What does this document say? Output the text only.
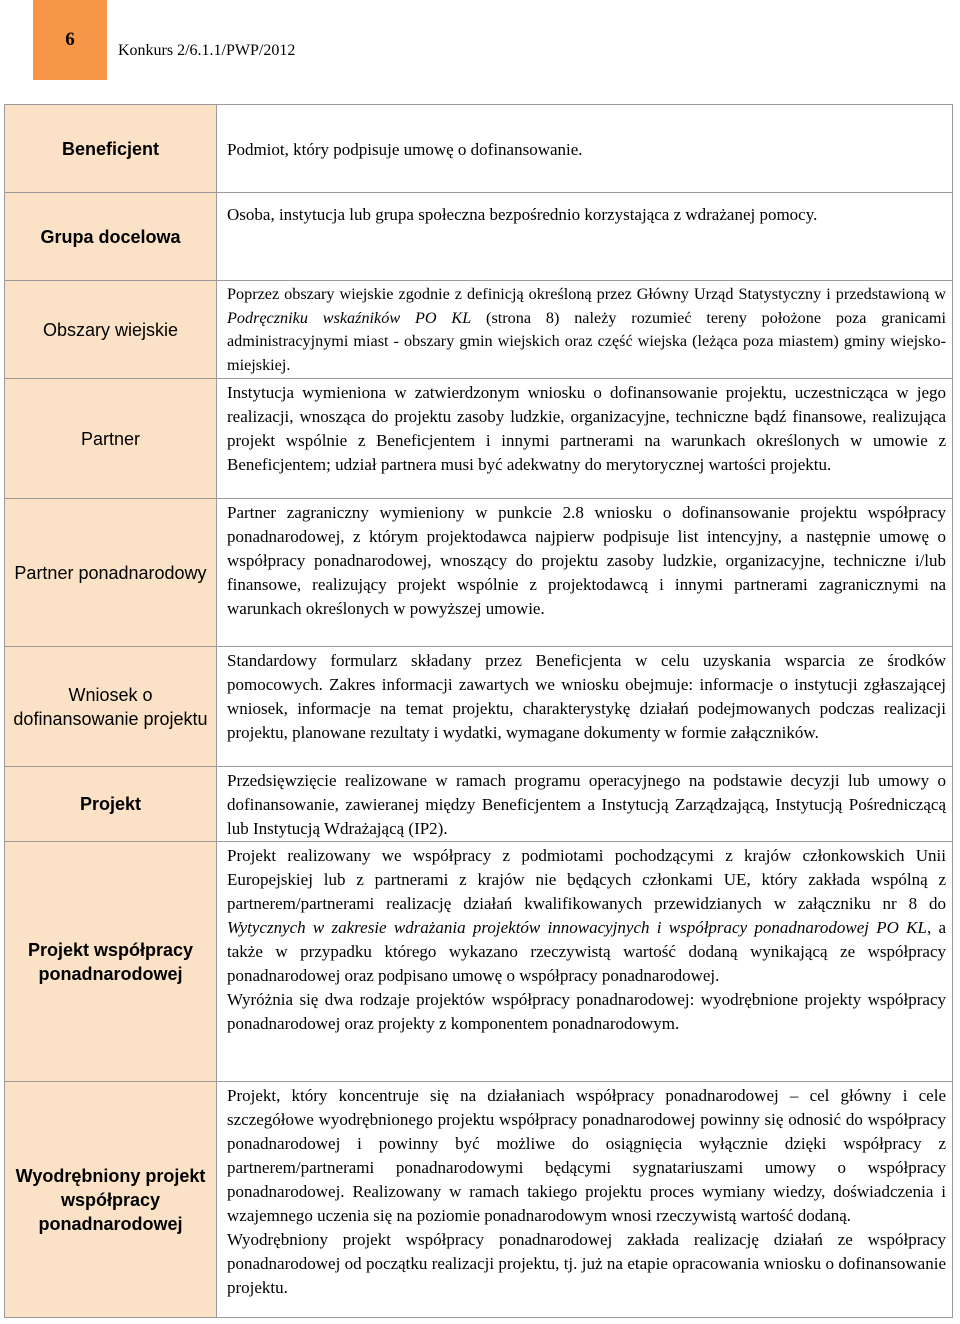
6
Konkurs 2/6.1.1/PWP/2012
Beneficjent	Podmiot, który podpisuje umowę o dofinansowanie.

Grupa docelowa	Osoba, instytucja lub grupa społeczna bezpośrednio korzystająca z wdrażanej pomocy.

Obszary wiejskie	Poprzez obszary wiejskie zgodnie z definicją określoną przez Główny Urząd Statystyczny i przedstawioną w Podręczniku wskaźników PO KL (strona 8) należy rozumieć tereny położone poza granicami administracyjnymi miast - obszary gmin wiejskich oraz część wiejska (leżąca poza miastem) gminy wiejsko-miejskiej.

Partner	Instytucja wymieniona w zatwierdzonym wniosku o dofinansowanie projektu, uczestnicząca w jego realizacji, wnosząca do projektu zasoby ludzkie, organizacyjne, techniczne bądź finansowe, realizująca projekt wspólnie z Beneficjentem i innymi partnerami na warunkach określonych w umowie z Beneficjentem; udział partnera musi być adekwatny do merytorycznej wartości projektu.

Partner ponadnarodowy	Partner zagraniczny wymieniony w punkcie 2.8 wniosku o dofinansowanie projektu współpracy ponadnarodowej, z którym projektodawca najpierw podpisuje list intencyjny, a następnie umowę o współpracy ponadnarodowej, wnoszący do projektu zasoby ludzkie, organizacyjne, techniczne i/lub finansowe, realizujący projekt wspólnie z projektodawcą i innymi partnerami zagranicznymi na warunkach określonych w powyższej umowie.

Wniosek o dofinansowanie projektu	Standardowy formularz składany przez Beneficjenta w celu uzyskania wsparcia ze środków pomocowych. Zakres informacji zawartych we wniosku obejmuje: informacje o instytucji zgłaszającej wniosek, informacje na temat projektu, charakterystykę działań podejmowanych podczas realizacji projektu, planowane rezultaty i wydatki, wymagane dokumenty w formie załączników.

Projekt	Przedsięwzięcie realizowane w ramach programu operacyjnego na podstawie decyzji lub umowy o dofinansowanie, zawieranej między Beneficjentem a Instytucją Zarządzającą, Instytucją Pośredniczącą lub Instytucją Wdrażającą (IP2).

Projekt współpracy ponadnarodowej	Projekt realizowany we współpracy z podmiotami pochodzącymi z krajów członkowskich Unii Europejskiej lub z partnerami z krajów nie będących członkami UE, który zakłada wspólną z partnerem/partnerami realizację działań kwalifikowanych przewidzianych w załączniku nr 8 do Wytycznych w zakresie wdrażania projektów innowacyjnych i współpracy ponadnarodowej PO KL, a także w przypadku którego wykazano rzeczywistą wartość dodaną wynikającą ze współpracy ponadnarodowej oraz podpisano umowę o współpracy ponadnarodowej.

Wyróżnia się dwa rodzaje projektów współpracy ponadnarodowej: wyodrębnione projekty współpracy ponadnarodowej oraz projekty z komponentem ponadnarodowym.

Wyodrębniony projekt współpracy ponadnarodowej	Projekt, który koncentruje się na działaniach współpracy ponadnarodowej – cel główny i cele szczegółowe wyodrębnionego projektu współpracy ponadnarodowej powinny się odnosić do współpracy ponadnarodowej i powinny być możliwe do osiągnięcia wyłącznie dzięki współpracy z partnerem/partnerami ponadnarodowymi będącymi sygnatariuszami umowy o współpracy ponadnarodowej. Realizowany w ramach takiego projektu proces wymiany wiedzy, doświadczenia i wzajemnego uczenia się na poziomie ponadnarodowym wnosi rzeczywistą wartość dodaną.

Wyodrębniony projekt współpracy ponadnarodowej zakłada realizację działań ze współpracy ponadnarodowej od początku realizacji projektu, tj. już na etapie opracowania wniosku o dofinansowanie projektu.
